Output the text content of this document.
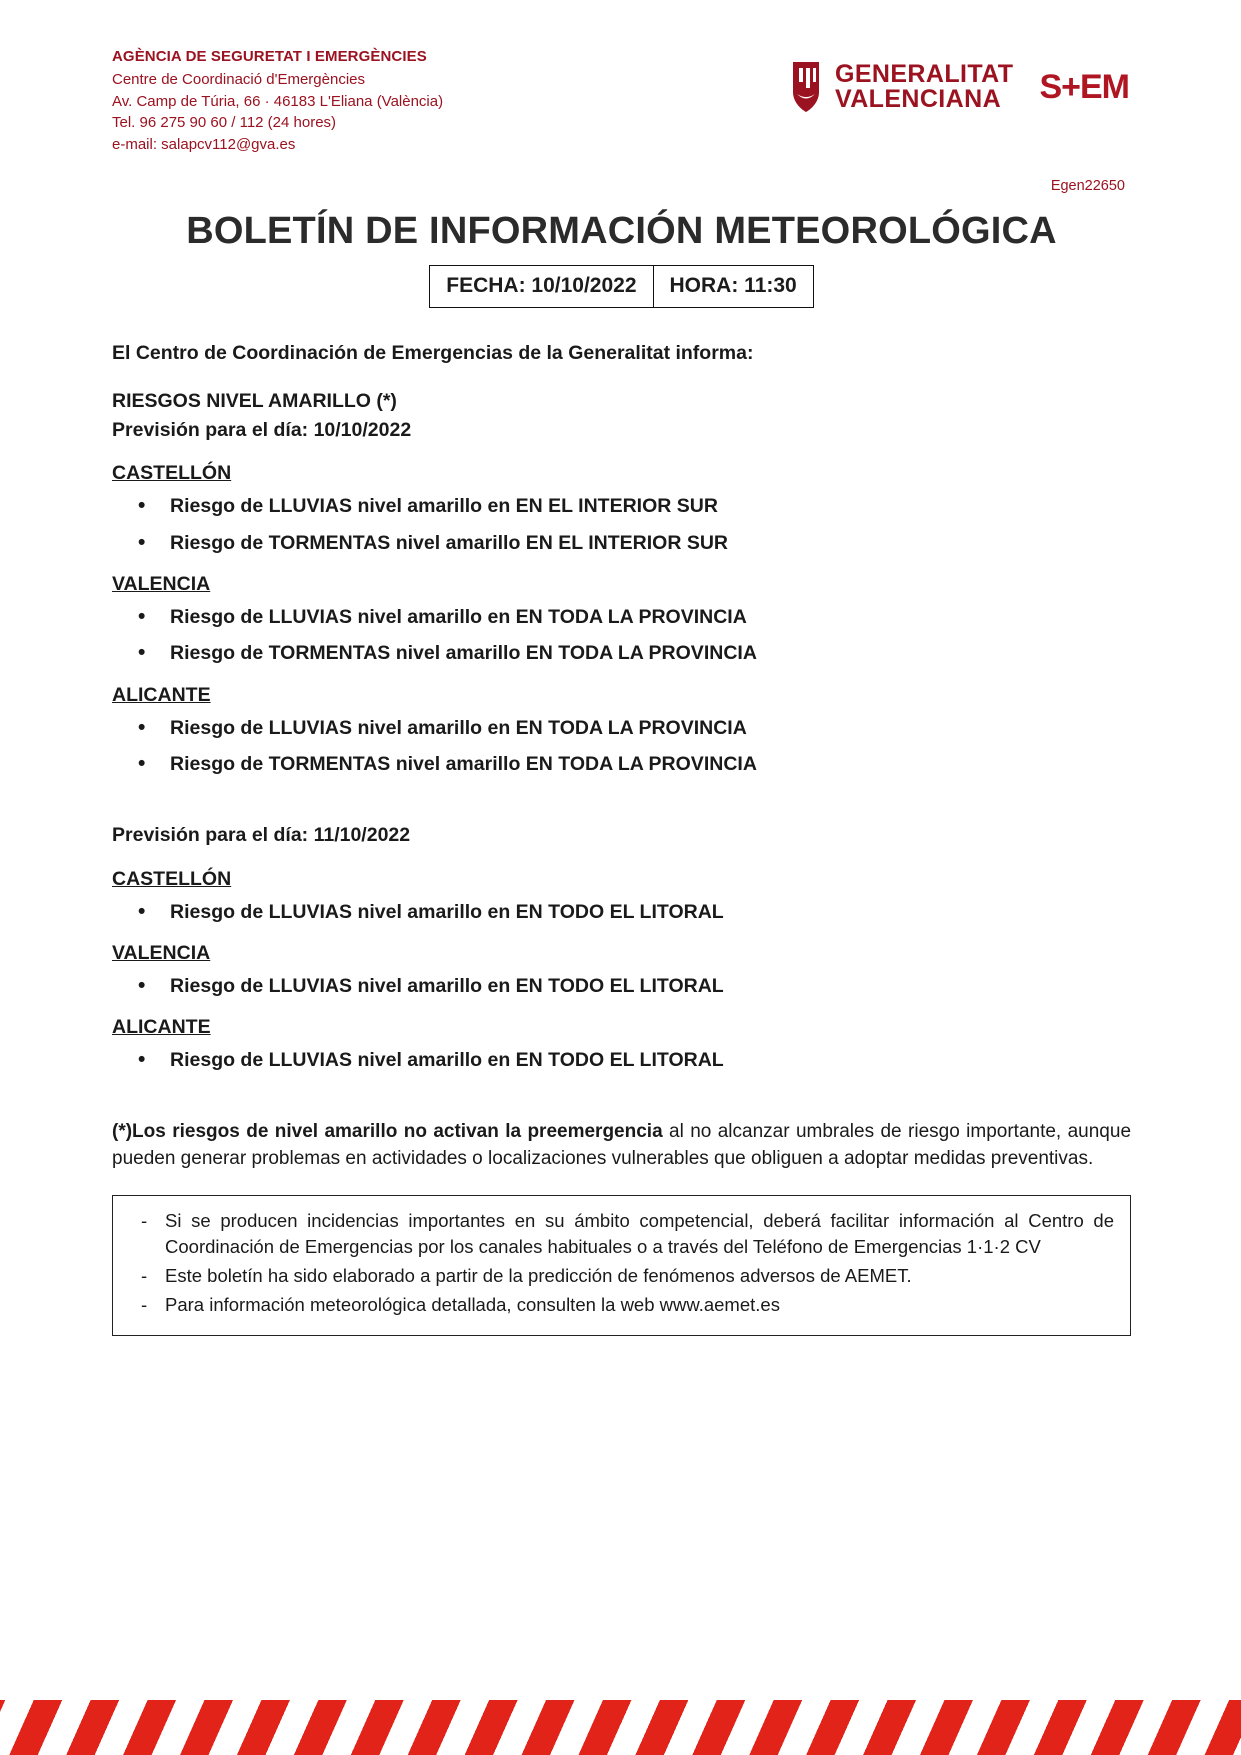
AGÈNCIA DE SEGURETAT I EMERGÈNCIES
Centre de Coordinació d'Emergències
Av. Camp de Túria, 66 · 46183 L'Eliana (València)
Tel. 96 275 90 60 / 112 (24 hores)
e-mail: salapcv112@gva.es
GENERALITAT
VALENCIANA	S+EM
Egen22650
BOLETÍN DE INFORMACIÓN METEOROLÓGICA
FECHA: 10/10/2022	HORA: 11:30
El Centro de Coordinación de Emergencias de la Generalitat informa:
RIESGOS NIVEL AMARILLO (*)
Previsión para el día: 10/10/2022
CASTELLÓN
• Riesgo de LLUVIAS nivel amarillo en EN EL INTERIOR SUR
• Riesgo de TORMENTAS nivel amarillo EN EL INTERIOR SUR
VALENCIA
• Riesgo de LLUVIAS nivel amarillo en EN TODA LA PROVINCIA
• Riesgo de TORMENTAS nivel amarillo EN TODA LA PROVINCIA
ALICANTE
• Riesgo de LLUVIAS nivel amarillo en EN TODA LA PROVINCIA
• Riesgo de TORMENTAS nivel amarillo EN TODA LA PROVINCIA
Previsión para el día: 11/10/2022
CASTELLÓN
• Riesgo de LLUVIAS nivel amarillo en EN TODO EL LITORAL
VALENCIA
• Riesgo de LLUVIAS nivel amarillo en EN TODO EL LITORAL
ALICANTE
• Riesgo de LLUVIAS nivel amarillo en EN TODO EL LITORAL
(*)Los riesgos de nivel amarillo no activan la preemergencia al no alcanzar umbrales de riesgo importante, aunque pueden generar problemas en actividades o localizaciones vulnerables que obliguen a adoptar medidas preventivas.
- Si se producen incidencias importantes en su ámbito competencial, deberá facilitar información al Centro de Coordinación de Emergencias por los canales habituales o a través del Teléfono de Emergencias 1·1·2 CV
- Este boletín ha sido elaborado a partir de la predicción de fenómenos adversos de AEMET.
- Para información meteorológica detallada, consulten la web www.aemet.es
